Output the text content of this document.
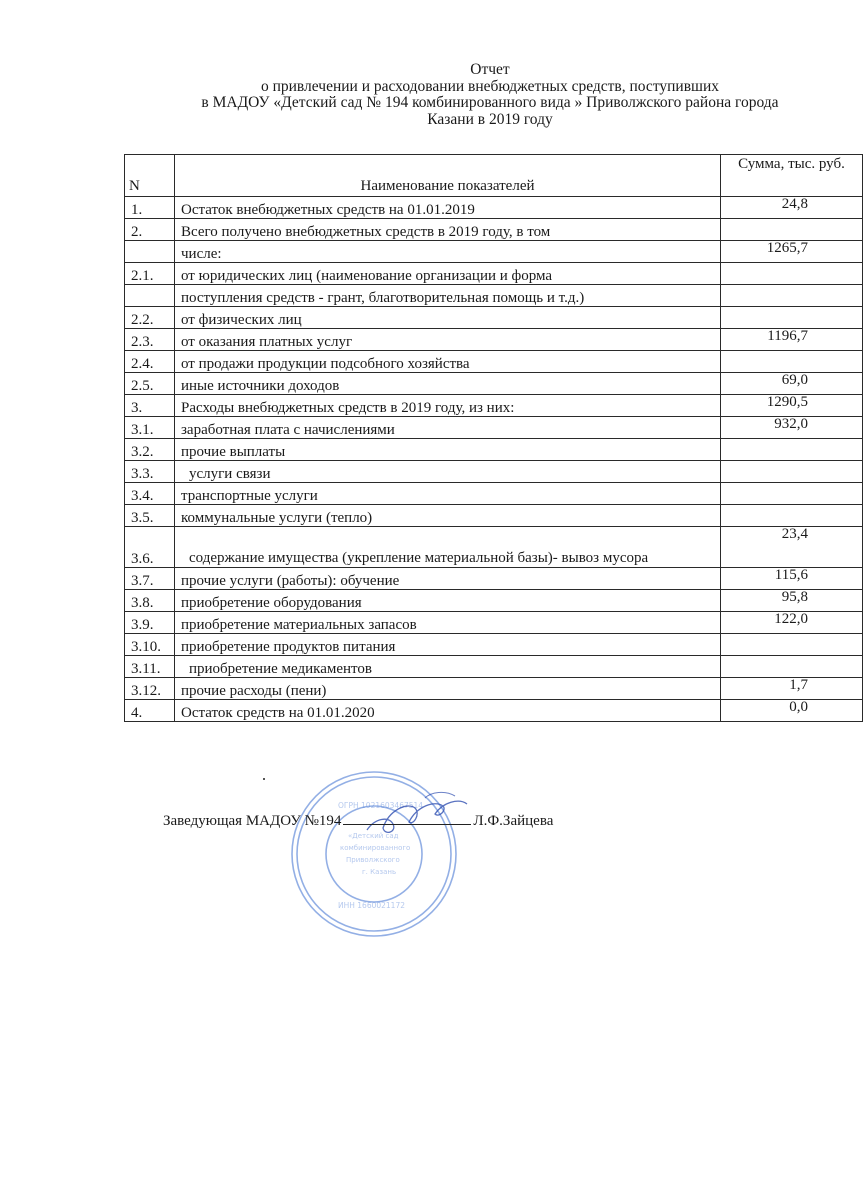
Отчет
о привлечении и расходовании внебюджетных средств, поступивших
в МАДОУ «Детский сад № 194 комбинированного вида » Приволжского района города
Казани в 2019 году
N	Наименование показателей	Сумма, тыс. руб.
1.	Остаток внебюджетных средств на 01.01.2019	24,8
2.	Всего получено внебюджетных средств в 2019 году, в том	
	числе:	1265,7
2.1.	от юридических лиц (наименование организации и форма	
	поступления средств - грант, благотворительная помощь и т.д.)	
2.2.	от физических лиц	
2.3.	от оказания платных услуг	1196,7
2.4.	от продажи продукции подсобного хозяйства	
2.5.	иные источники доходов	69,0
3.	Расходы внебюджетных средств в 2019 году, из них:	1290,5
3.1.	заработная плата с начислениями	932,0
3.2.	прочие выплаты	
3.3.	услуги связи	
3.4.	транспортные услуги	
3.5.	коммунальные услуги (тепло)	
3.6.	содержание имущества (укрепление материальной базы)- вывоз мусора	23,4
3.7.	прочие услуги (работы): обучение	115,6
3.8.	приобретение оборудования	95,8
3.9.	приобретение материальных запасов	122,0
3.10.	приобретение продуктов питания	
3.11.	приобретение медикаментов	
3.12.	прочие расходы (пени)	1,7
4.	Остаток средств на 01.01.2020	0,0
«Детский сад
комбинированного
Приволжского
г. Казань
ИНН 1660021172
ОГРН 1021603467514
Заведующая МАДОУ №194	Л.Ф.Зайцева
